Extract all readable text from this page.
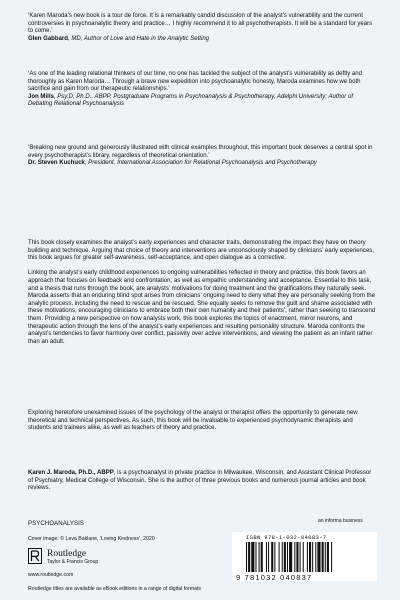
‘Karen Maroda’s new book is a tour de force. It is a remarkably candid discussion of the analyst’s vulnerability and the current controversies in psychoanalytic theory and practice… I highly recommend it to all psychotherapists. It will be a standard for years to come.’

Glen Gabbard, MD, Author of Love and Hate in the Analytic Setting

‘As one of the leading relational thinkers of our time, no one has tackled the subject of the analyst’s vulnerability as deftly and thoroughly as Karen Maroda… Through a brave new expedition into psychoanalytic honesty, Maroda examines how we both sacrifice and gain from our therapeutic relationships.’

Jon Mills, Psy.D, Ph.D., ABPP, Postgraduate Programs in Psychoanalysis & Psychotherapy, Adelphi University; Author of Debating Relational Psychoanalysis

‘Breaking new ground and generously illustrated with clinical examples throughout, this important book deserves a central spot in every psychotherapist’s library, regardless of theoretical orientation.’

Dr. Steven Kuchuck, President, International Association for Relational Psychoanalysis and Psychotherapy

This book closely examines the analyst’s early experiences and character traits, demonstrating the impact they have on theory building and technique. Arguing that choice of theory and interventions are unconsciously shaped by clinicians’ early experiences, this book argues for greater self-awareness, self-acceptance, and open dialogue as a corrective.

Linking the analyst’s early childhood experiences to ongoing vulnerabilities reflected in theory and practice, this book favors an approach that focuses on feedback and confrontation, as well as empathic understanding and acceptance. Essential to this task, and a thesis that runs through the book, are analysts’ motivations for doing treatment and the gratifications they naturally seek. Maroda asserts that an enduring blind spot arises from clinicians’ ongoing need to deny what they are personally seeking from the analytic process, including the need to rescue and be rescued. She equally seeks to remove the guilt and shame associated with these motivations, encouraging clinicians to embrace both their own humanity and their patients’, rather than seeking to transcend them. Providing a new perspective on how analysts work, this book explores the topics of enactment, mirror neurons, and therapeutic action through the lens of the analyst’s early experiences and resulting personality structure. Maroda confronts the analyst’s tendencies to favor harmony over conflict, passivity over active interventions, and viewing the patient as an infant rather than an adult.

Exploring heretofore unexamined issues of the psychology of the analyst or therapist offers the opportunity to generate new theoretical and technical perspectives. As such, this book will be invaluable to experienced psychodynamic therapists and students and trainees alike, as well as teachers of theory and practice.

Karen J. Maroda, Ph.D., ABPP, is a psychoanalyst in private practice in Milwaukee, Wisconsin, and Assistant Clinical Professor of Psychiatry, Medical College of Wisconsin. She is the author of three previous books and numerous journal articles and book reviews.

PSYCHOANALYSIS
Cover image: © Leva Baklane, ‘Loving Kindness’, 2020
Routledge
Taylor & Francis Group
www.routledge.com
Routledge titles are available as eBook editions in a range of digital formats
an informa business
ISBN 978-1-032-04083-7
9 781032 040837
